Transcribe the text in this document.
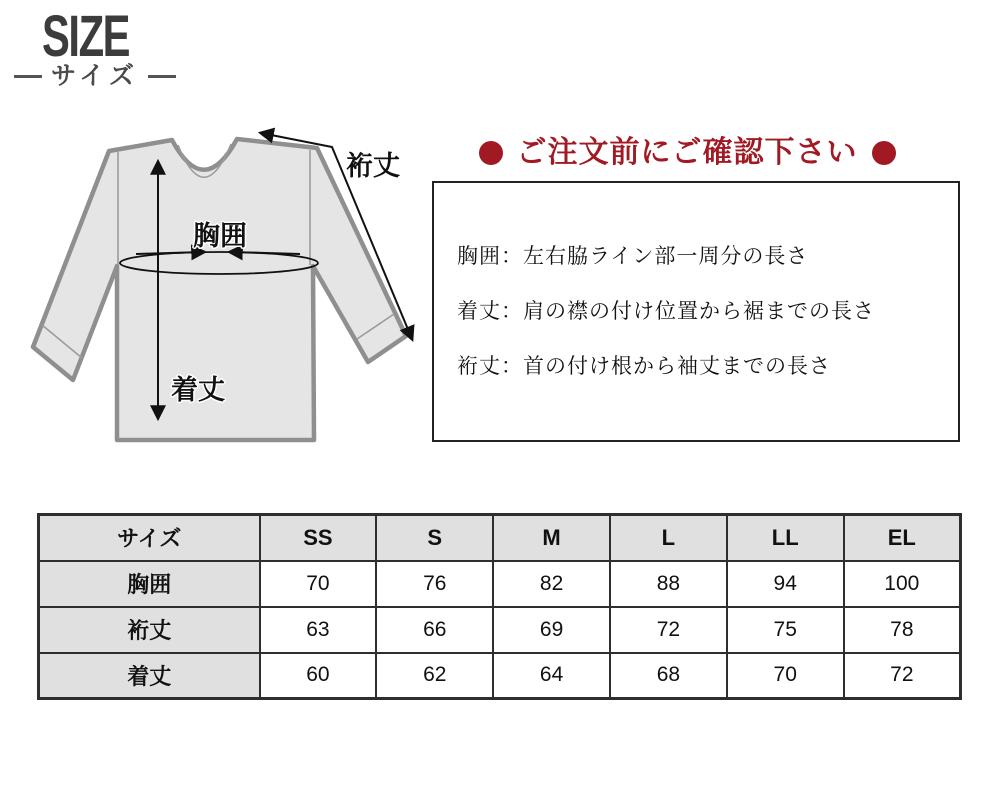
SIZE
サイズ
胸囲
着丈
裄丈	ご注文前にご確認下さい

胸囲：左右脇ライン部一周分の長さ

着丈：肩の襟の付け位置から裾までの長さ

裄丈：首の付け根から袖丈までの長さ

サイズ	SS	S	M	L	LL	EL
胸囲	70	76	82	88	94	100
裄丈	63	66	69	72	75	78
着丈	60	62	64	68	70	72
